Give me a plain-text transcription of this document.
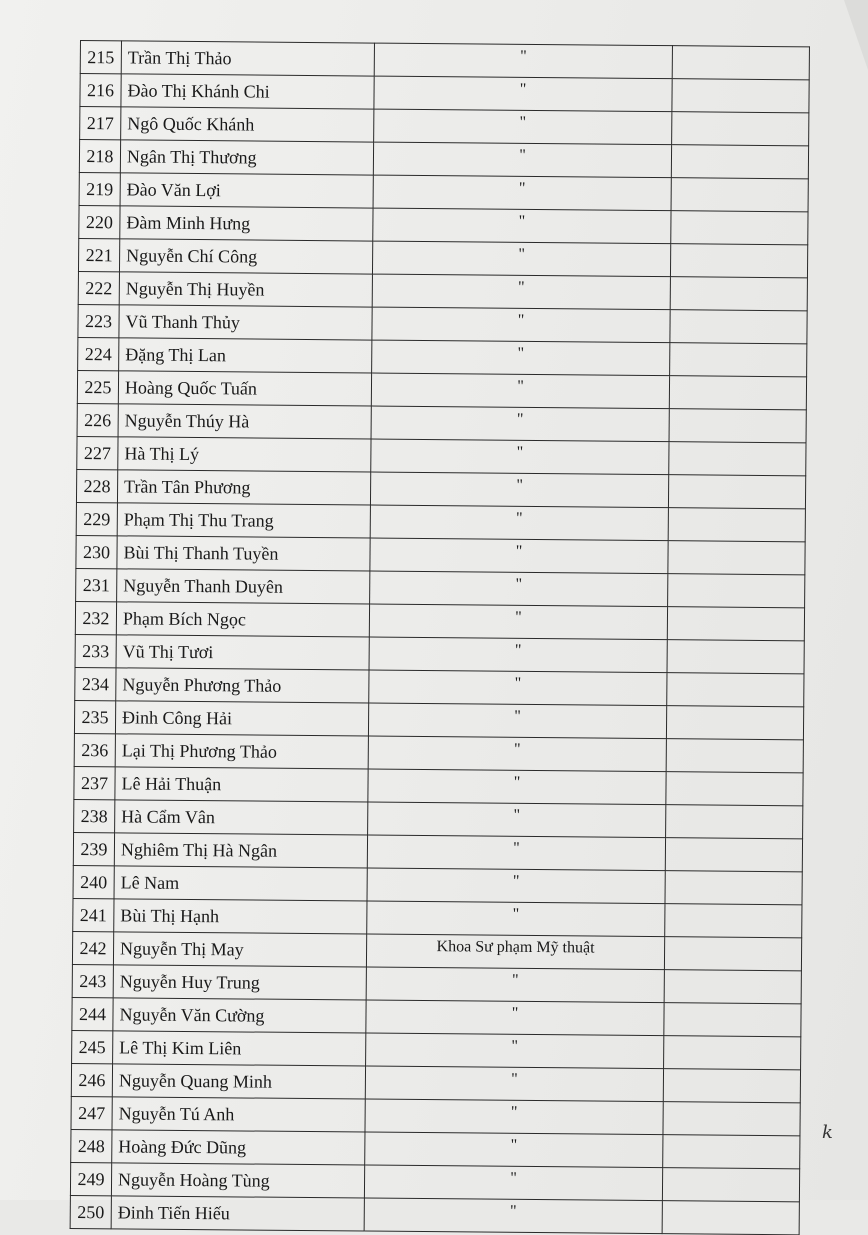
215	Trần Thị Thảo	"	
216	Đào Thị Khánh Chi	"	
217	Ngô Quốc Khánh	"	
218	Ngân Thị Thương	"	
219	Đào Văn Lợi	"	
220	Đàm Minh Hưng	"	
221	Nguyễn Chí Công	"	
222	Nguyễn Thị Huyền	"	
223	Vũ Thanh Thủy	"	
224	Đặng Thị Lan	"	
225	Hoàng Quốc Tuấn	"	
226	Nguyễn Thúy Hà	"	
227	Hà Thị Lý	"	
228	Trần Tân Phương	"	
229	Phạm Thị Thu Trang	"	
230	Bùi Thị Thanh Tuyền	"	
231	Nguyễn Thanh Duyên	"	
232	Phạm Bích Ngọc	"	
233	Vũ Thị Tươi	"	
234	Nguyễn Phương Thảo	"	
235	Đinh Công Hải	"	
236	Lại Thị Phương Thảo	"	
237	Lê Hải Thuận	"	
238	Hà Cẩm Vân	"	
239	Nghiêm Thị Hà Ngân	"	
240	Lê Nam	"	
241	Bùi Thị Hạnh	"	
242	Nguyễn Thị May	Khoa Sư phạm Mỹ thuật	
243	Nguyễn Huy Trung	"	
244	Nguyễn Văn Cường	"	
245	Lê Thị Kim Liên	"	
246	Nguyễn Quang Minh	"	
247	Nguyễn Tú Anh	"	
248	Hoàng Đức Dũng	"	
249	Nguyễn Hoàng Tùng	"	
250	Đinh Tiến Hiếu	"	
k
